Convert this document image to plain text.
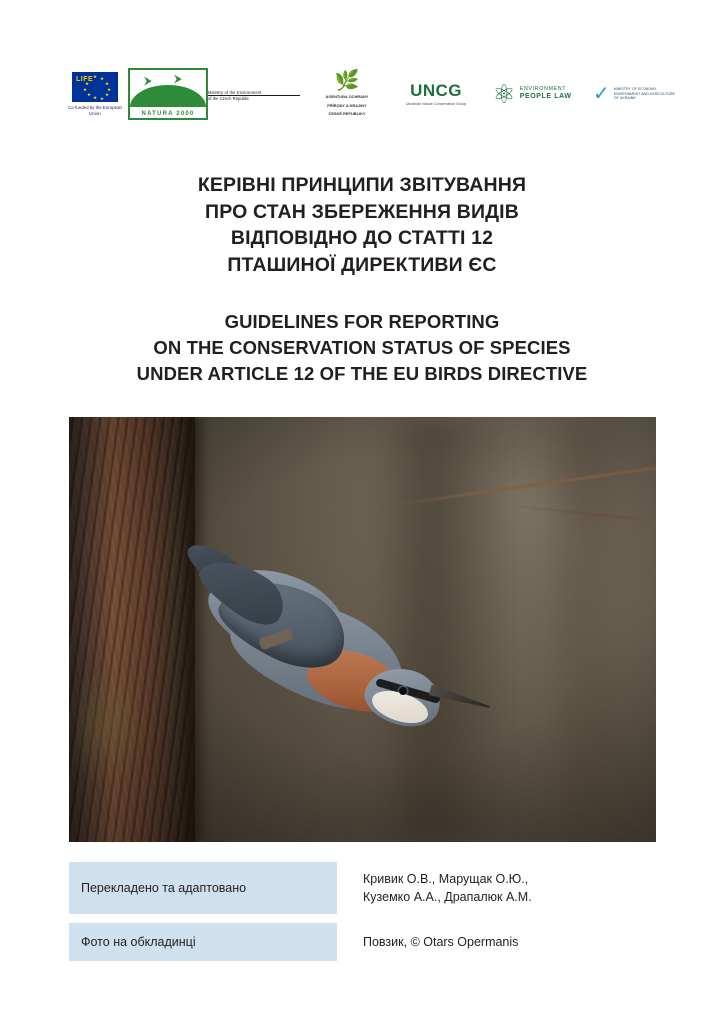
LIFE
Co-funded by the European Union
⮞ ⮞
NATURA 2000
Ministry of the Environment
of the Czech Republic
🌿
AGENTURA OCHRANY
PŘÍRODY A KRAJINY
ČESKÉ REPUBLIKY
UNCG
Ukrainian Nature Conservation Group ⚛ ENVIRONMENT
PEOPLE LAW ✓ MINISTRY OF ECONOMY,
ENVIRONMENT AND AGRICULTURE
OF UKRAINE
КЕРІВНІ ПРИНЦИПИ ЗВІТУВАННЯ
ПРО СТАН ЗБЕРЕЖЕННЯ ВИДІВ
ВІДПОВІДНО ДО СТАТТІ 12
ПТАШИНОЇ ДИРЕКТИВИ ЄС
GUIDELINES FOR REPORTING
ON THE CONSERVATION STATUS OF SPECIES
UNDER ARTICLE 12 OF THE EU BIRDS DIRECTIVE
Перекладено та адаптовано
Кривик О.В., Марущак О.Ю.,
Куземко А.А., Драпалюк А.М.
Фото на обкладинці	Повзик, © Otars Opermanis
